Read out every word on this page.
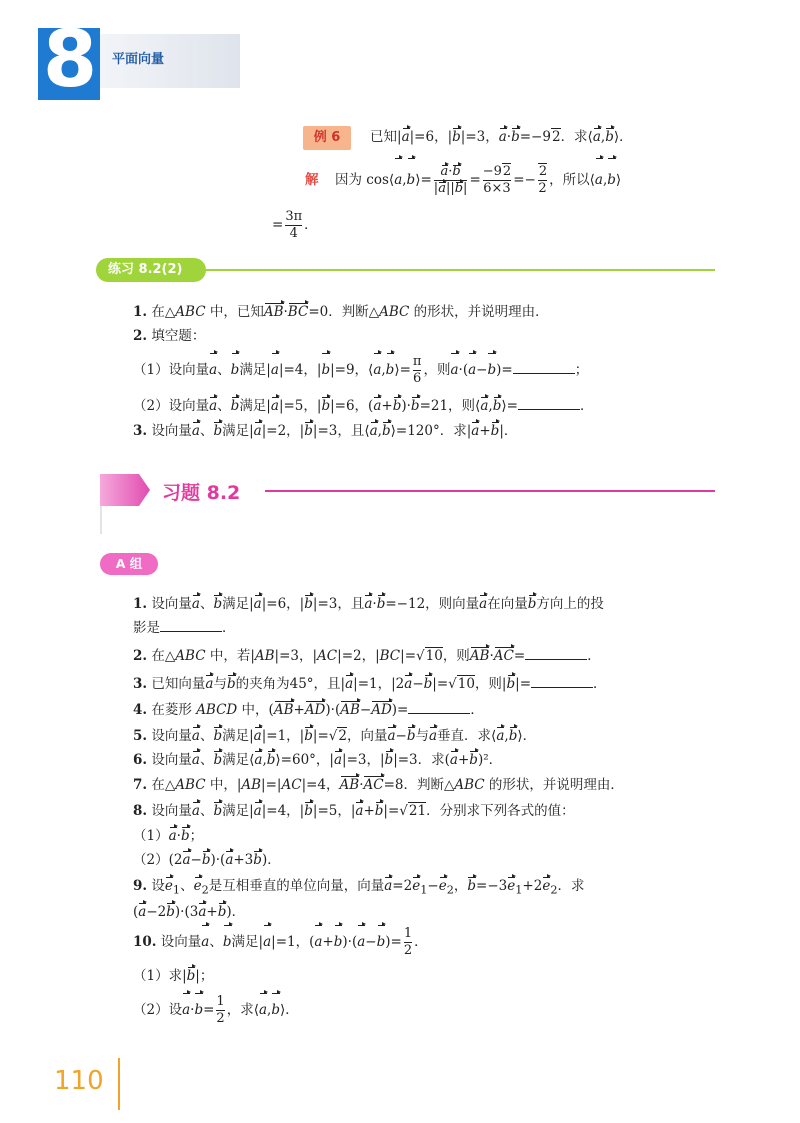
8 平面向量
例 6	已知|a|=6，|b|=3，a·b=−92．求⟨a,b⟩．
解 因为 cos⟨a,b⟩= $\frac{a\cdot b}{|a||b|} = \frac{-92}{6\times 3} =- \frac{2}{2}$ ，所以⟨a,b⟩
= $\frac{3\pi}{4}$ ．
练习 8.2(2)
1. 在△ABC 中，已知AB·BC=0．判断△ABC 的形状，并说明理由．
2. 填空题：
（1）设向量a、b满足|a|=4，|b|=9，⟨a,b⟩= $\frac{\pi}{6}$ ，则a·(a−b)=	；
（2）设向量a、b满足|a|=5，|b|=6，(a+b)·b=21，则⟨a,b⟩=	．
3. 设向量a、b满足|a|=2，|b|=3，且⟨a,b⟩=120°．求|a+b|．
习题 8.2
A 组
1. 设向量a、b满足|a|=6，|b|=3，且a·b=−12，则向量a在向量b方向上的投
影是	．
2. 在△ABC 中，若|AB|=3，|AC|=2，|BC|=√10，则AB·AC=	．
3. 已知向量a与b的夹角为45°，且|a|=1，|2a−b|=√10，则|b|=	．
4. 在菱形 ABCD 中，(AB+AD)·(AB−AD)=	．
5. 设向量a、b满足|a|=1，|b|=√2，向量a−b与a垂直．求⟨a,b⟩．
6. 设向量a、b满足⟨a,b⟩=60°，|a|=3，|b|=3．求(a+b)²．
7. 在△ABC 中，|AB|=|AC|=4，AB·AC=8．判断△ABC 的形状，并说明理由．
8. 设向量a、b满足|a|=4，|b|=5，|a+b|=√21．分别求下列各式的值：
（1）a·b；
（2）(2a−b)·(a+3b)．
9. 设$e_1$、$e_2$是互相垂直的单位向量，向量$a=2e_1-e_2$，$b=-3e_1+2e_2$．求
(a−2b)·(3a+b)．
10. 设向量a、b满足|a|=1，$(a+b)\cdot(a-b)= \frac{1}{2}$ ．
（1）求|b|；
（2）设$a\cdot b= \frac{1}{2}$ ，求⟨a,b⟩．
110
